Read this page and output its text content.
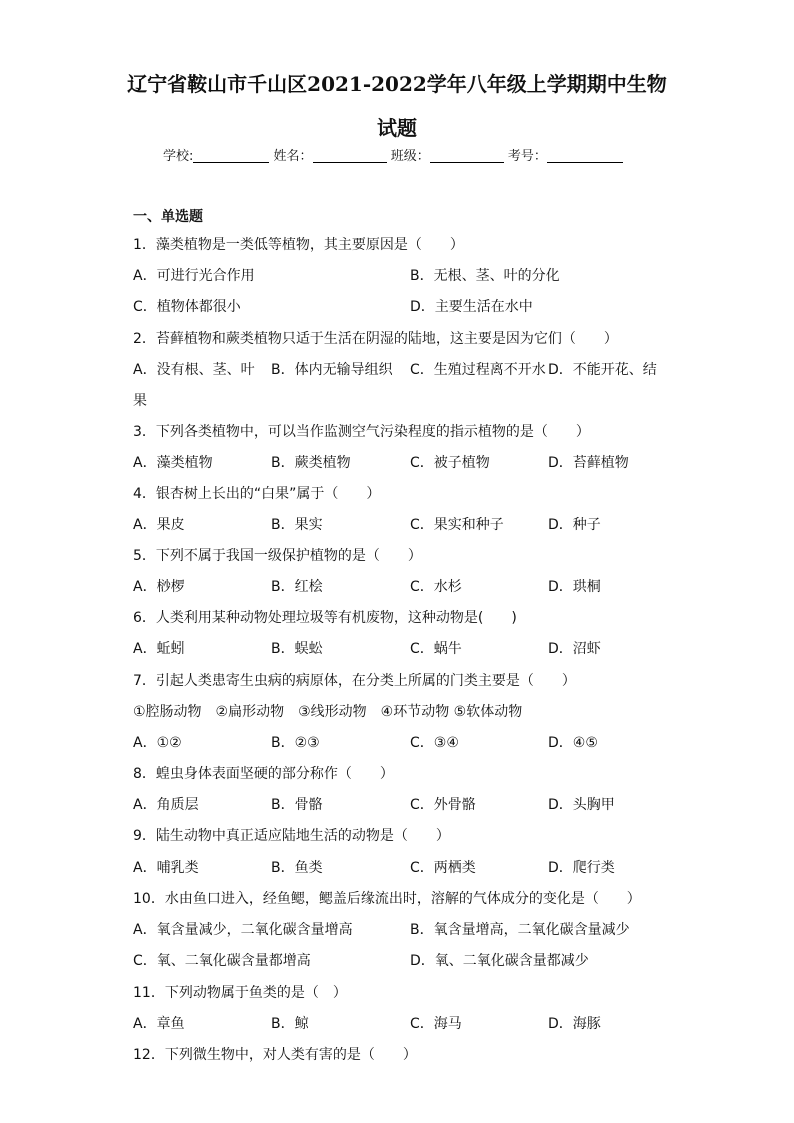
辽宁省鞍山市千山区2021-2022学年八年级上学期期中生物
试题
学校:	姓名：	班级：	考号：
一、单选题
1．藻类植物是一类低等植物，其主要原因是（　　）
A．可进行光合作用	B．无根、茎、叶的分化
C．植物体都很小	D．主要生活在水中
2．苔藓植物和蕨类植物只适于生活在阴湿的陆地，这主要是因为它们（　　）
A．没有根、茎、叶 B．体内无输导组织 C．生殖过程离不开水 D．不能开花、结
果
3．下列各类植物中，可以当作监测空气污染程度的指示植物的是（　　）
A．藻类植物	B．蕨类植物	C．被子植物	D．苔藓植物
4．银杏树上长出的“白果”属于（　　）
A．果皮	B．果实	C．果实和种子	D．种子
5．下列不属于我国一级保护植物的是（　　）
A．桫椤	B．红桧	C．水杉	D．珙桐
6．人类利用某种动物处理垃圾等有机废物，这种动物是(　　)
A．蚯蚓	B．蜈蚣	C．蜗牛	D．沼虾
7．引起人类患寄生虫病的病原体，在分类上所属的门类主要是（　　）
①腔肠动物　②扁形动物　③线形动物　④环节动物 ⑤软体动物
A．①②	B．②③	C．③④	D．④⑤
8．蝗虫身体表面坚硬的部分称作（　　）
A．角质层	B．骨骼	C．外骨骼	D．头胸甲
9．陆生动物中真正适应陆地生活的动物是（　　）
A．哺乳类	B．鱼类	C．两栖类	D．爬行类
10．水由鱼口进入，经鱼鳃，鳃盖后缘流出时，溶解的气体成分的变化是（　　）
A．氧含量减少，二氧化碳含量增高	B．氧含量增高，二氧化碳含量减少
C．氧、二氧化碳含量都增高	D．氧、二氧化碳含量都减少
11．下列动物属于鱼类的是（　）
A．章鱼	B．鲸	C．海马	D．海豚
12．下列微生物中，对人类有害的是（　　）
